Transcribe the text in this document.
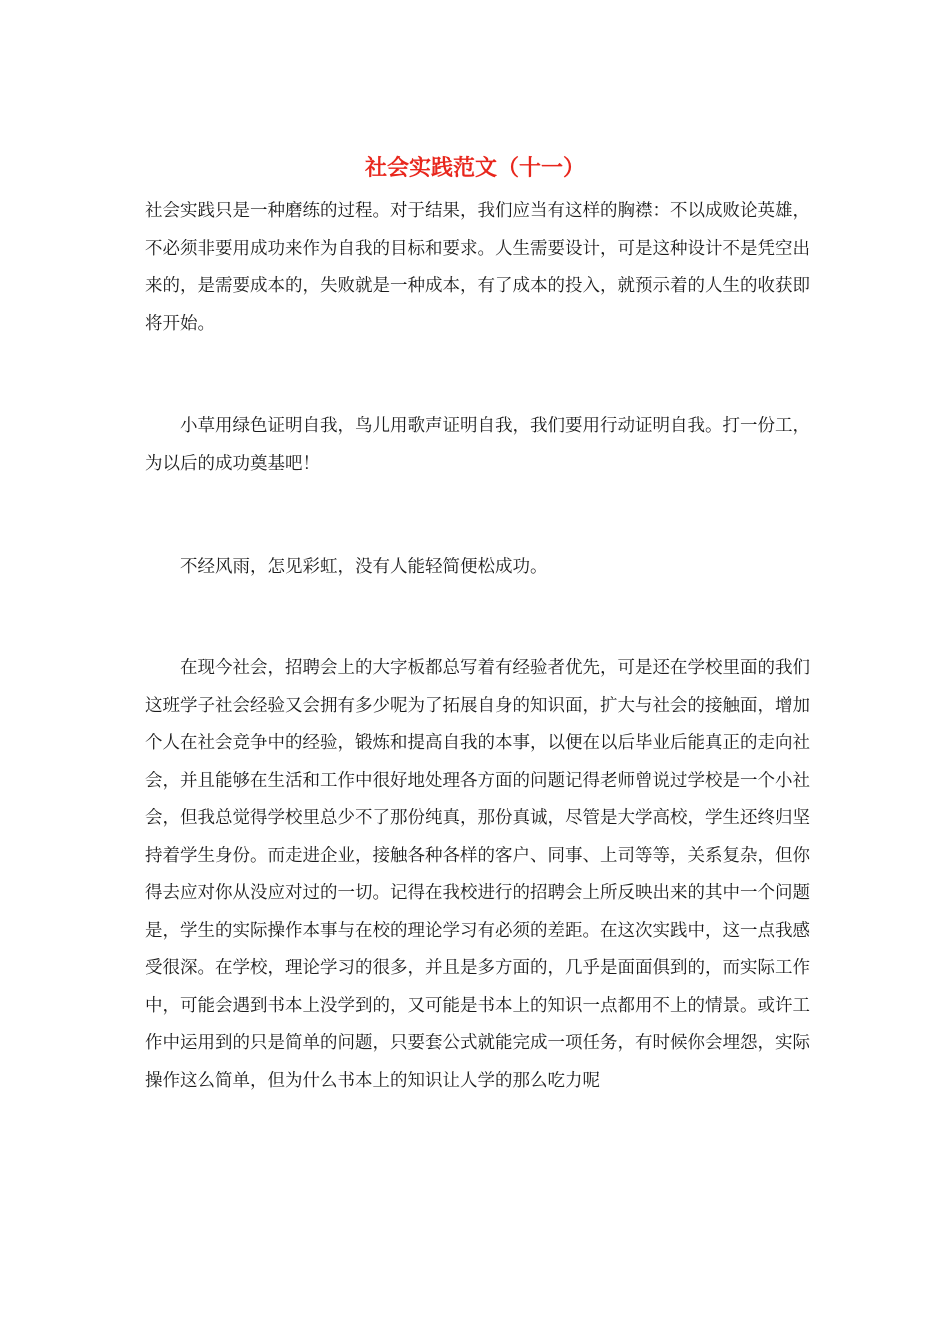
社会实践范文（十一）

社会实践只是一种磨练的过程。对于结果，我们应当有这样的胸襟：不以成败论英雄，不必须非要用成功来作为自我的目标和要求。人生需要设计，可是这种设计不是凭空出来的，是需要成本的，失败就是一种成本，有了成本的投入，就预示着的人生的收获即将开始。

小草用绿色证明自我，鸟儿用歌声证明自我，我们要用行动证明自我。打一份工，为以后的成功奠基吧！

不经风雨，怎见彩虹，没有人能轻简便松成功。

在现今社会，招聘会上的大字板都总写着有经验者优先，可是还在学校里面的我们这班学子社会经验又会拥有多少呢为了拓展自身的知识面，扩大与社会的接触面，增加个人在社会竞争中的经验，锻炼和提高自我的本事，以便在以后毕业后能真正的走向社会，并且能够在生活和工作中很好地处理各方面的问题记得老师曾说过学校是一个小社会，但我总觉得学校里总少不了那份纯真，那份真诚，尽管是大学高校，学生还终归坚持着学生身份。而走进企业，接触各种各样的客户、同事、上司等等，关系复杂，但你得去应对你从没应对过的一切。记得在我校进行的招聘会上所反映出来的其中一个问题是，学生的实际操作本事与在校的理论学习有必须的差距。在这次实践中，这一点我感受很深。在学校，理论学习的很多，并且是多方面的，几乎是面面俱到的，而实际工作中，可能会遇到书本上没学到的，又可能是书本上的知识一点都用不上的情景。或许工作中运用到的只是简单的问题，只要套公式就能完成一项任务，有时候你会埋怨，实际操作这么简单，但为什么书本上的知识让人学的那么吃力呢
